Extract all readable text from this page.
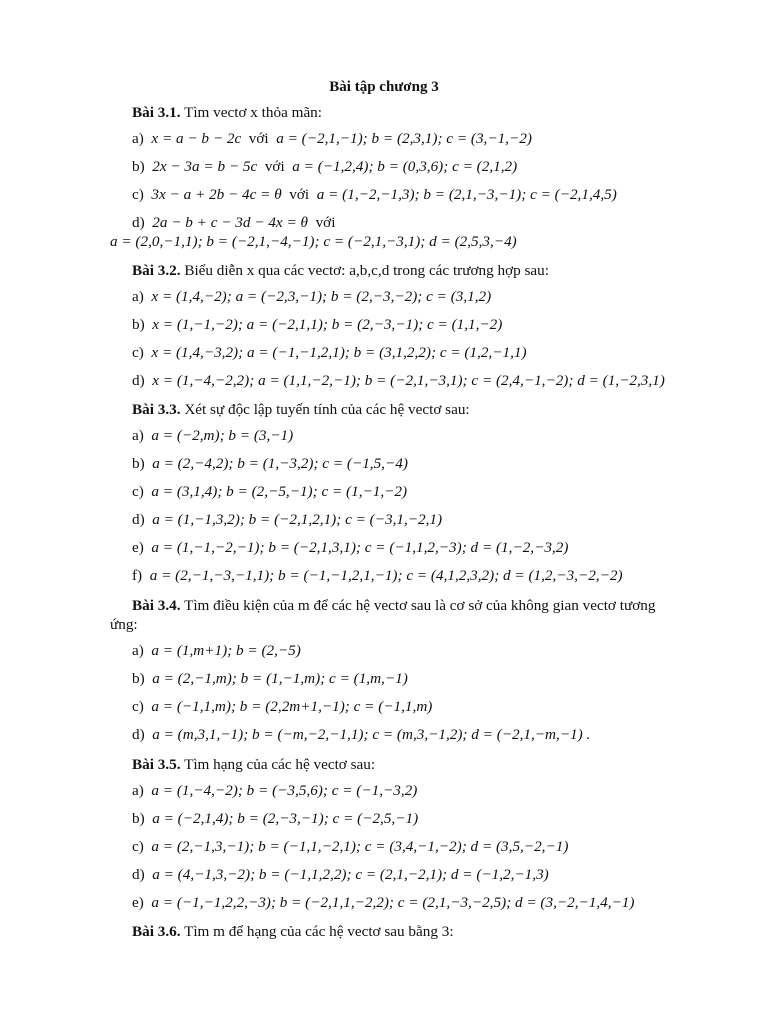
Bài tập chương 3
Bài 3.1. Tìm vectơ x thỏa mãn:
a) x = a − b − 2c với a = (−2,1,−1); b = (2,3,1); c = (3,−1,−2)
b) 2x − 3a = b − 5c với a = (−1,2,4); b = (0,3,6); c = (2,1,2)
c) 3x − a + 2b − 4c = θ với a = (1,−2,−1,3); b = (2,1,−3,−1); c = (−2,1,4,5)
d) 2a − b + c − 3d − 4x = θ với
a = (2,0,−1,1); b = (−2,1,−4,−1); c = (−2,1,−3,1); d = (2,5,3,−4)
Bài 3.2. Biểu diễn x qua các vectơ: a,b,c,d trong các trương hợp sau:
a) x = (1,4,−2); a = (−2,3,−1); b = (2,−3,−2); c = (3,1,2)
b) x = (1,−1,−2); a = (−2,1,1); b = (2,−3,−1); c = (1,1,−2)
c) x = (1,4,−3,2); a = (−1,−1,2,1); b = (3,1,2,2); c = (1,2,−1,1)
d) x = (1,−4,−2,2); a = (1,1,−2,−1); b = (−2,1,−3,1); c = (2,4,−1,−2); d = (1,−2,3,1)
Bài 3.3. Xét sự độc lập tuyến tính của các hệ vectơ sau:
a) a = (−2,m); b = (3,−1)
b) a = (2,−4,2); b = (1,−3,2); c = (−1,5,−4)
c) a = (3,1,4); b = (2,−5,−1); c = (1,−1,−2)
d) a = (1,−1,3,2); b = (−2,1,2,1); c = (−3,1,−2,1)
e) a = (1,−1,−2,−1); b = (−2,1,3,1); c = (−1,1,2,−3); d = (1,−2,−3,2)
f) a = (2,−1,−3,−1,1); b = (−1,−1,2,1,−1); c = (4,1,2,3,2); d = (1,2,−3,−2,−2)
Bài 3.4. Tìm điều kiện của m để các hệ vectơ sau là cơ sở của không gian vectơ tương
ứng:
a) a = (1,m+1); b = (2,−5)
b) a = (2,−1,m); b = (1,−1,m); c = (1,m,−1)
c) a = (−1,1,m); b = (2,2m+1,−1); c = (−1,1,m)
d) a = (m,3,1,−1); b = (−m,−2,−1,1); c = (m,3,−1,2); d = (−2,1,−m,−1) .
Bài 3.5. Tìm hạng của các hệ vectơ sau:
a) a = (1,−4,−2); b = (−3,5,6); c = (−1,−3,2)
b) a = (−2,1,4); b = (2,−3,−1); c = (−2,5,−1)
c) a = (2,−1,3,−1); b = (−1,1,−2,1); c = (3,4,−1,−2); d = (3,5,−2,−1)
d) a = (4,−1,3,−2); b = (−1,1,2,2); c = (2,1,−2,1); d = (−1,2,−1,3)
e) a = (−1,−1,2,2,−3); b = (−2,1,1,−2,2); c = (2,1,−3,−2,5); d = (3,−2,−1,4,−1)
Bài 3.6. Tìm m để hạng của các hệ vectơ sau bằng 3:
